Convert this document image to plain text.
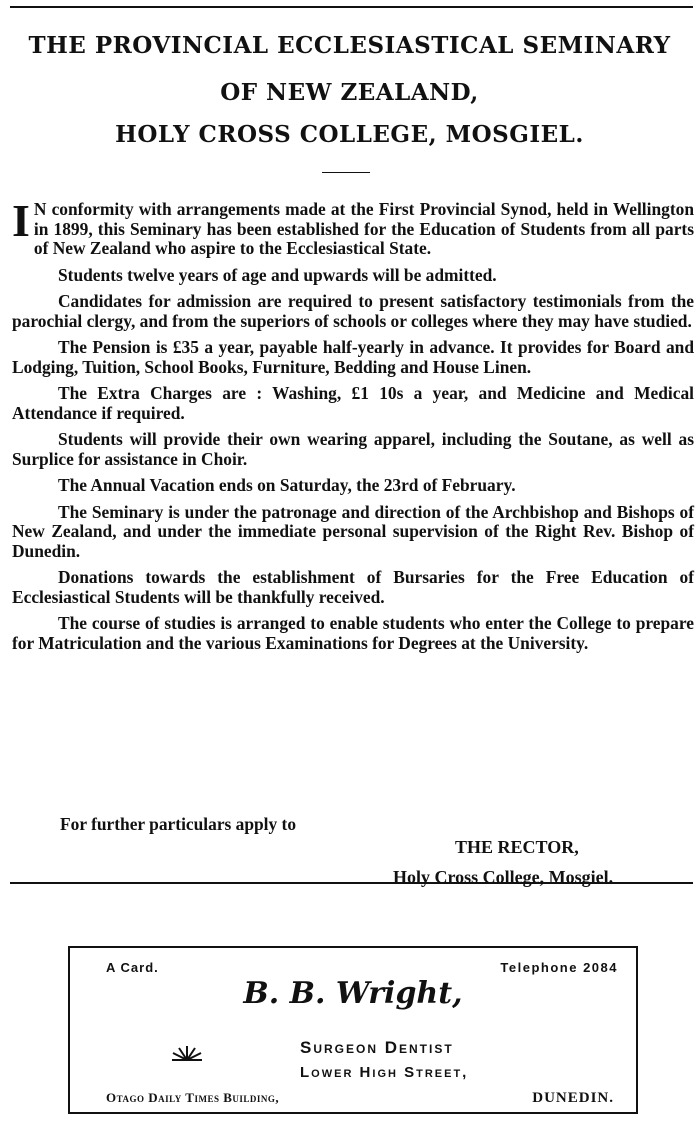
THE PROVINCIAL ECCLESIASTICAL SEMINARY
OF NEW ZEALAND,
HOLY CROSS COLLEGE, MOSGIEL.

I N conformity with arrangements made at the First Provincial Synod, held in Wellington in 1899, this Seminary has been established for the Education of Students from all parts of New Zealand who aspire to the Ecclesiastical State.

Students twelve years of age and upwards will be admitted.

Candidates for admission are required to present satisfactory testimonials from the parochial clergy, and from the superiors of schools or colleges where they may have studied.

The Pension is £35 a year, payable half-yearly in advance. It provides for Board and Lodging, Tuition, School Books, Furniture, Bedding and House Linen.

The Extra Charges are : Washing, £1 10s a year, and Medicine and Medical Attendance if required.

Students will provide their own wearing apparel, including the Soutane, as well as Surplice for assistance in Choir.

The Annual Vacation ends on Saturday, the 23rd of February.

The Seminary is under the patronage and direction of the Archbishop and Bishops of New Zealand, and under the immediate personal supervision of the Right Rev. Bishop of Dunedin.

Donations towards the establishment of Bursaries for the Free Education of Ecclesiastical Students will be thankfully received.

The course of studies is arranged to enable students who enter the College to prepare for Matriculation and the various Examinations for Degrees at the University.

For further particulars apply to
THE RECTOR,
Holy Cross College, Mosgiel.
A Card.	Telephone 2084
B. B. Wright,
Surgeon Dentist
Lower High Street,
Otago Daily Times Building,	DUNEDIN.
